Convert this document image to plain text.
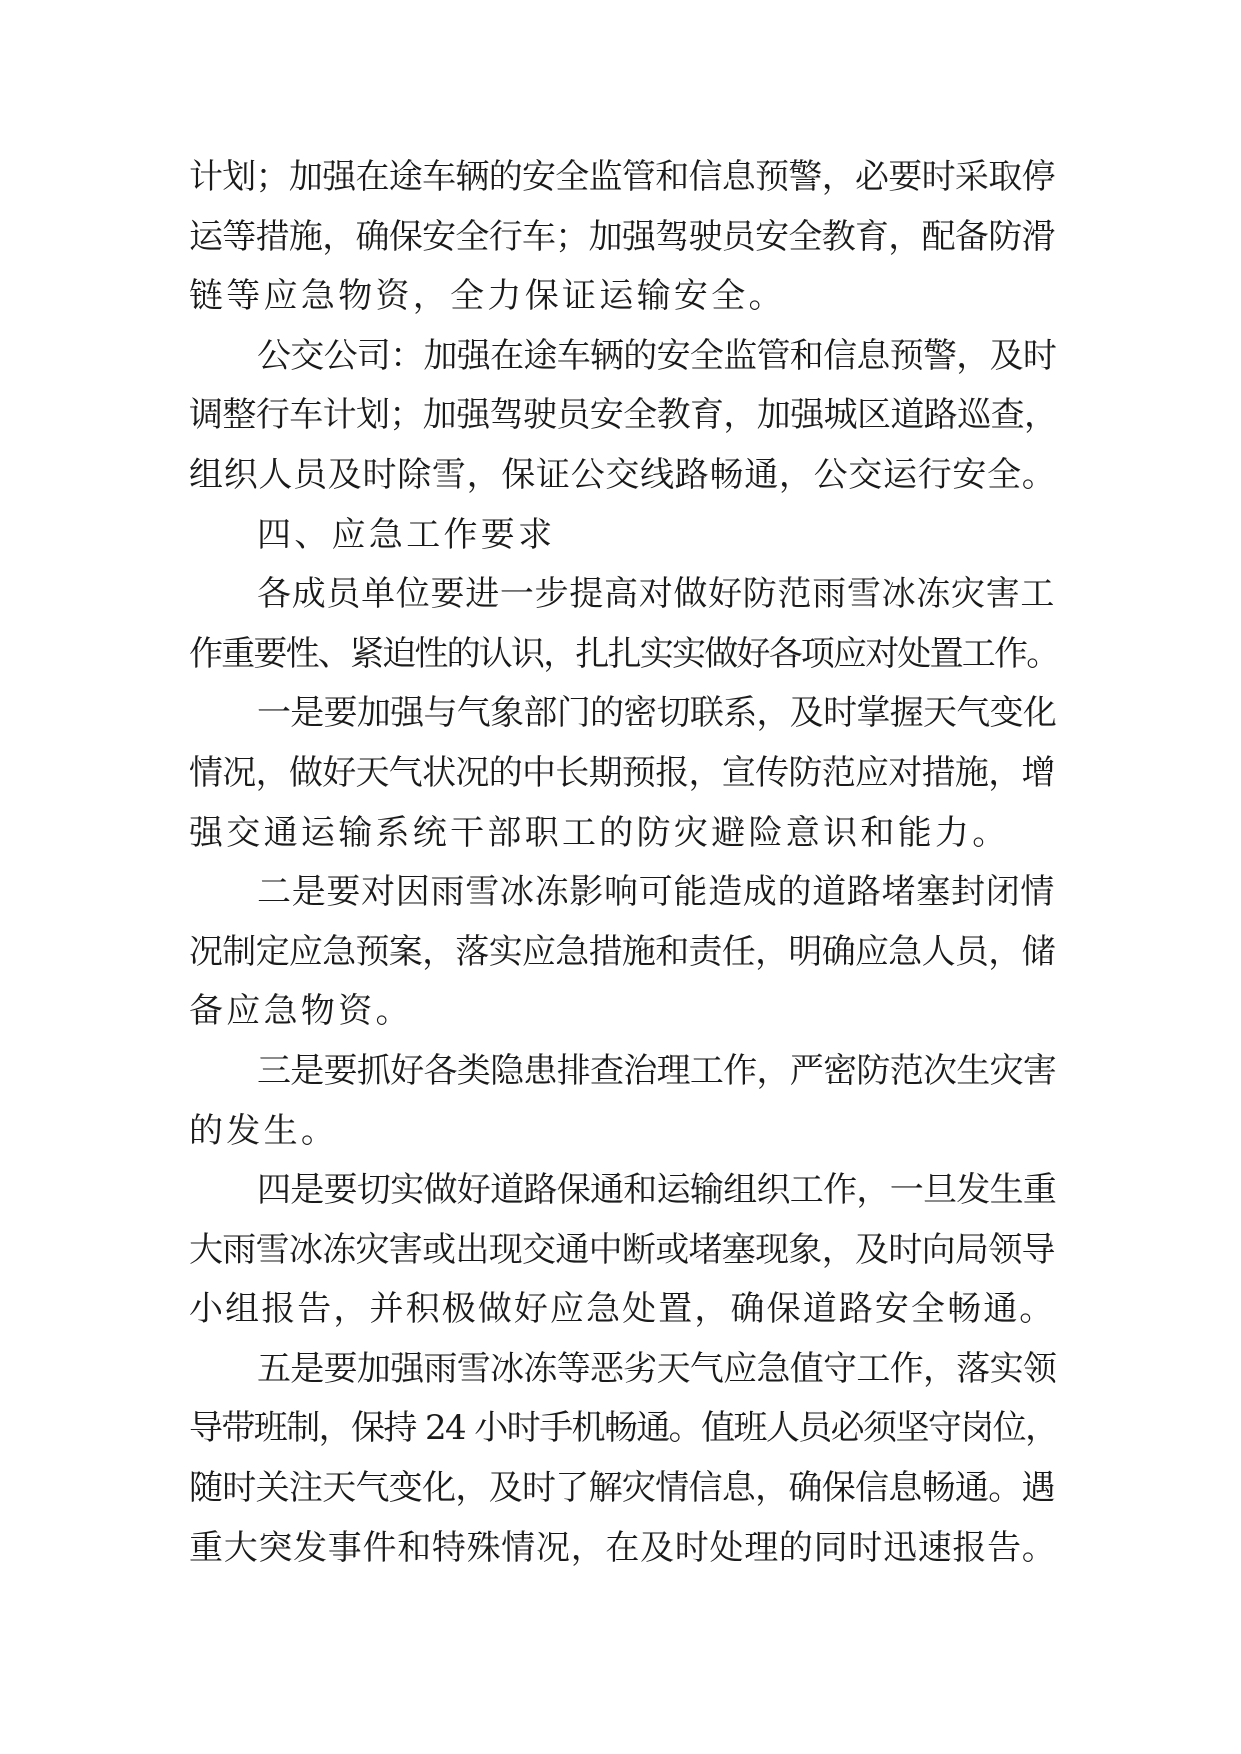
计划；加强在途车辆的安全监管和信息预警，必要时采取停
运等措施，确保安全行车；加强驾驶员安全教育，配备防滑
链等应急物资，全力保证运输安全。
公交公司：加强在途车辆的安全监管和信息预警，及时
调整行车计划；加强驾驶员安全教育，加强城区道路巡查，
组织人员及时除雪，保证公交线路畅通，公交运行安全。
四、应急工作要求
各成员单位要进一步提高对做好防范雨雪冰冻灾害工
作重要性、紧迫性的认识，扎扎实实做好各项应对处置工作。
一是要加强与气象部门的密切联系，及时掌握天气变化
情况，做好天气状况的中长期预报，宣传防范应对措施，增
强交通运输系统干部职工的防灾避险意识和能力。
二是要对因雨雪冰冻影响可能造成的道路堵塞封闭情
况制定应急预案，落实应急措施和责任，明确应急人员，储
备应急物资。
三是要抓好各类隐患排查治理工作，严密防范次生灾害
的发生。
四是要切实做好道路保通和运输组织工作，一旦发生重
大雨雪冰冻灾害或出现交通中断或堵塞现象，及时向局领导
小组报告，并积极做好应急处置，确保道路安全畅通。
五是要加强雨雪冰冻等恶劣天气应急值守工作，落实领
导带班制，保持 24 小时手机畅通。值班人员必须坚守岗位，
随时关注天气变化，及时了解灾情信息，确保信息畅通。遇
重大突发事件和特殊情况，在及时处理的同时迅速报告。
